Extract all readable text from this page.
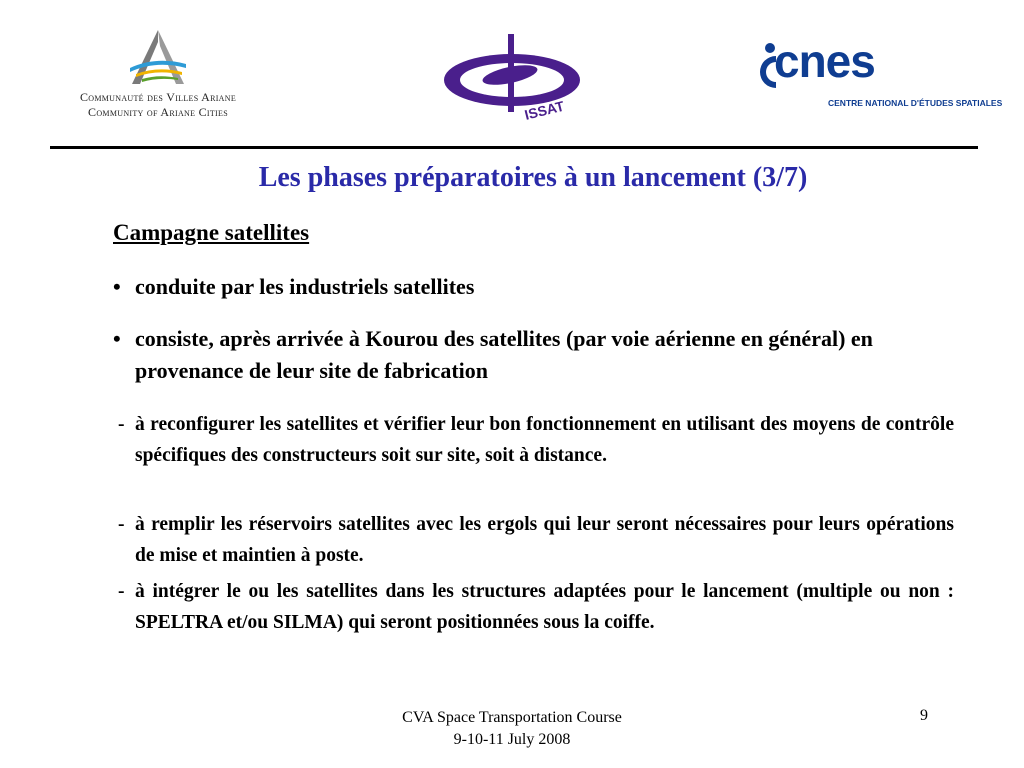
Communauté des Villes Ariane
Community of Ariane Cities	ISSAT
cnes
CENTRE NATIONAL D'ÉTUDES SPATIALES
Les phases préparatoires à un lancement (3/7)
Campagne satellites
• conduite par les industriels satellites
• consiste, après arrivée à Kourou des satellites (par voie aérienne en général) en provenance de leur site de fabrication
- à reconfigurer les satellites et vérifier leur bon fonctionnement en utilisant des moyens de contrôle spécifiques des constructeurs soit sur site, soit à distance.
- à remplir les réservoirs satellites avec les ergols qui leur seront nécessaires pour leurs opérations de mise et maintien à poste.
- à intégrer le ou les satellites dans les structures adaptées pour le lancement (multiple ou non : SPELTRA et/ou SILMA) qui seront positionnées sous la coiffe.
CVA Space Transportation Course
9-10-11 July 2008
9
